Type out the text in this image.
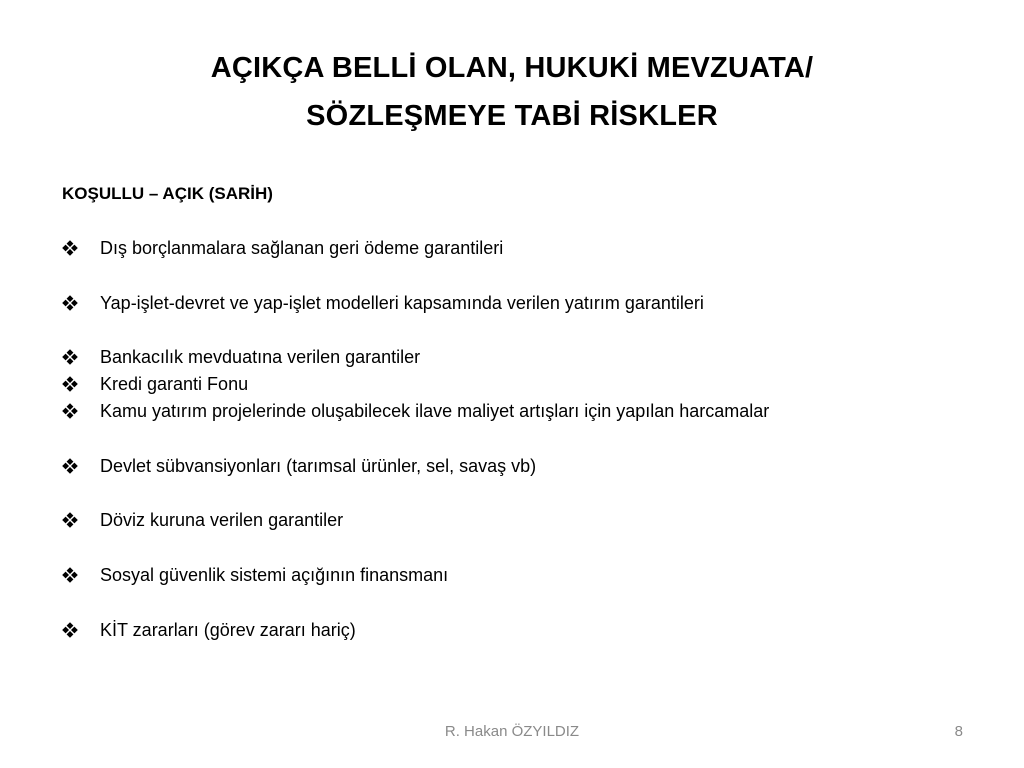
AÇIKÇA BELLİ OLAN, HUKUKİ MEVZUATA/
SÖZLEŞMEYE TABİ RİSKLER
KOŞULLU – AÇIK (SARİH)
Dış borçlanmalara sağlanan geri ödeme garantileri
Yap-işlet-devret ve yap-işlet modelleri kapsamında verilen yatırım garantileri
Bankacılık mevduatına verilen garantiler
Kredi garanti Fonu
Kamu yatırım projelerinde oluşabilecek ilave maliyet artışları için yapılan harcamalar
Devlet sübvansiyonları (tarımsal ürünler, sel, savaş vb)
Döviz kuruna verilen garantiler
Sosyal güvenlik sistemi açığının finansmanı
KİT zararları (görev zararı hariç)
R. Hakan ÖZYILDIZ	8
